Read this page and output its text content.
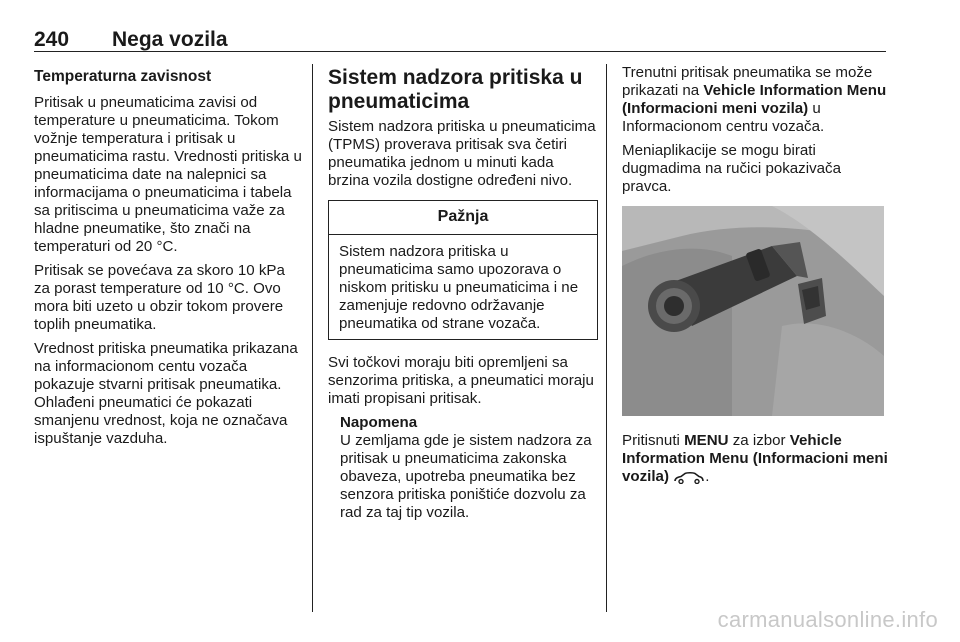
240 Nega vozila
Temperaturna zavisnost

Pritisak u pneumaticima zavisi od temperature u pneumaticima. Tokom vožnje temperatura i pritisak u pneumaticima rastu. Vrednosti pritiska u pneumaticima date na nalepnici sa informacijama o pneumaticima i tabela sa pritiscima u pneumaticima važe za hladne pneumatike, što znači na temperaturi od 20 °C.

Pritisak se povećava za skoro 10 kPa za porast temperature od 10 °C. Ovo mora biti uzeto u obzir tokom provere toplih pneumatika.

Vrednost pritiska pneumatika prikazana na informacionom centu vozača pokazuje stvarni pritisak pneumatika. Ohlađeni pneumatici će pokazati smanjenu vrednost, koja ne označava ispuštanje vazduha.

Sistem nadzora pritiska u pneumaticima

Sistem nadzora pritiska u pneumaticima (TPMS) proverava pritisak sva četiri pneumatika jednom u minuti kada brzina vozila dostigne određeni nivo.

Pažnja
Sistem nadzora pritiska u pneumaticima samo upozorava o niskom pritisku u pneumaticima i ne zamenjuje redovno održavanje pneumatika od strane vozača.

Svi točkovi moraju biti opremljeni sa senzorima pritiska, a pneumatici moraju imati propisani pritisak.

Napomena
U zemljama gde je sistem nadzora za pritisak u pneumaticima zakonska obaveza, upotreba pneumatika bez senzora pritiska poništiće dozvolu za rad za taj tip vozila.

Trenutni pritisak pneumatika se može prikazati na Vehicle Information Menu (Informacioni meni vozila) u Informacionom centru vozača.

Meniaplikacije se mogu birati dugmadima na ručici pokazivača pravca.

Pritisnuti MENU za izbor Vehicle Information Menu (Informacioni meni vozila) .

carmanualsonline.info
